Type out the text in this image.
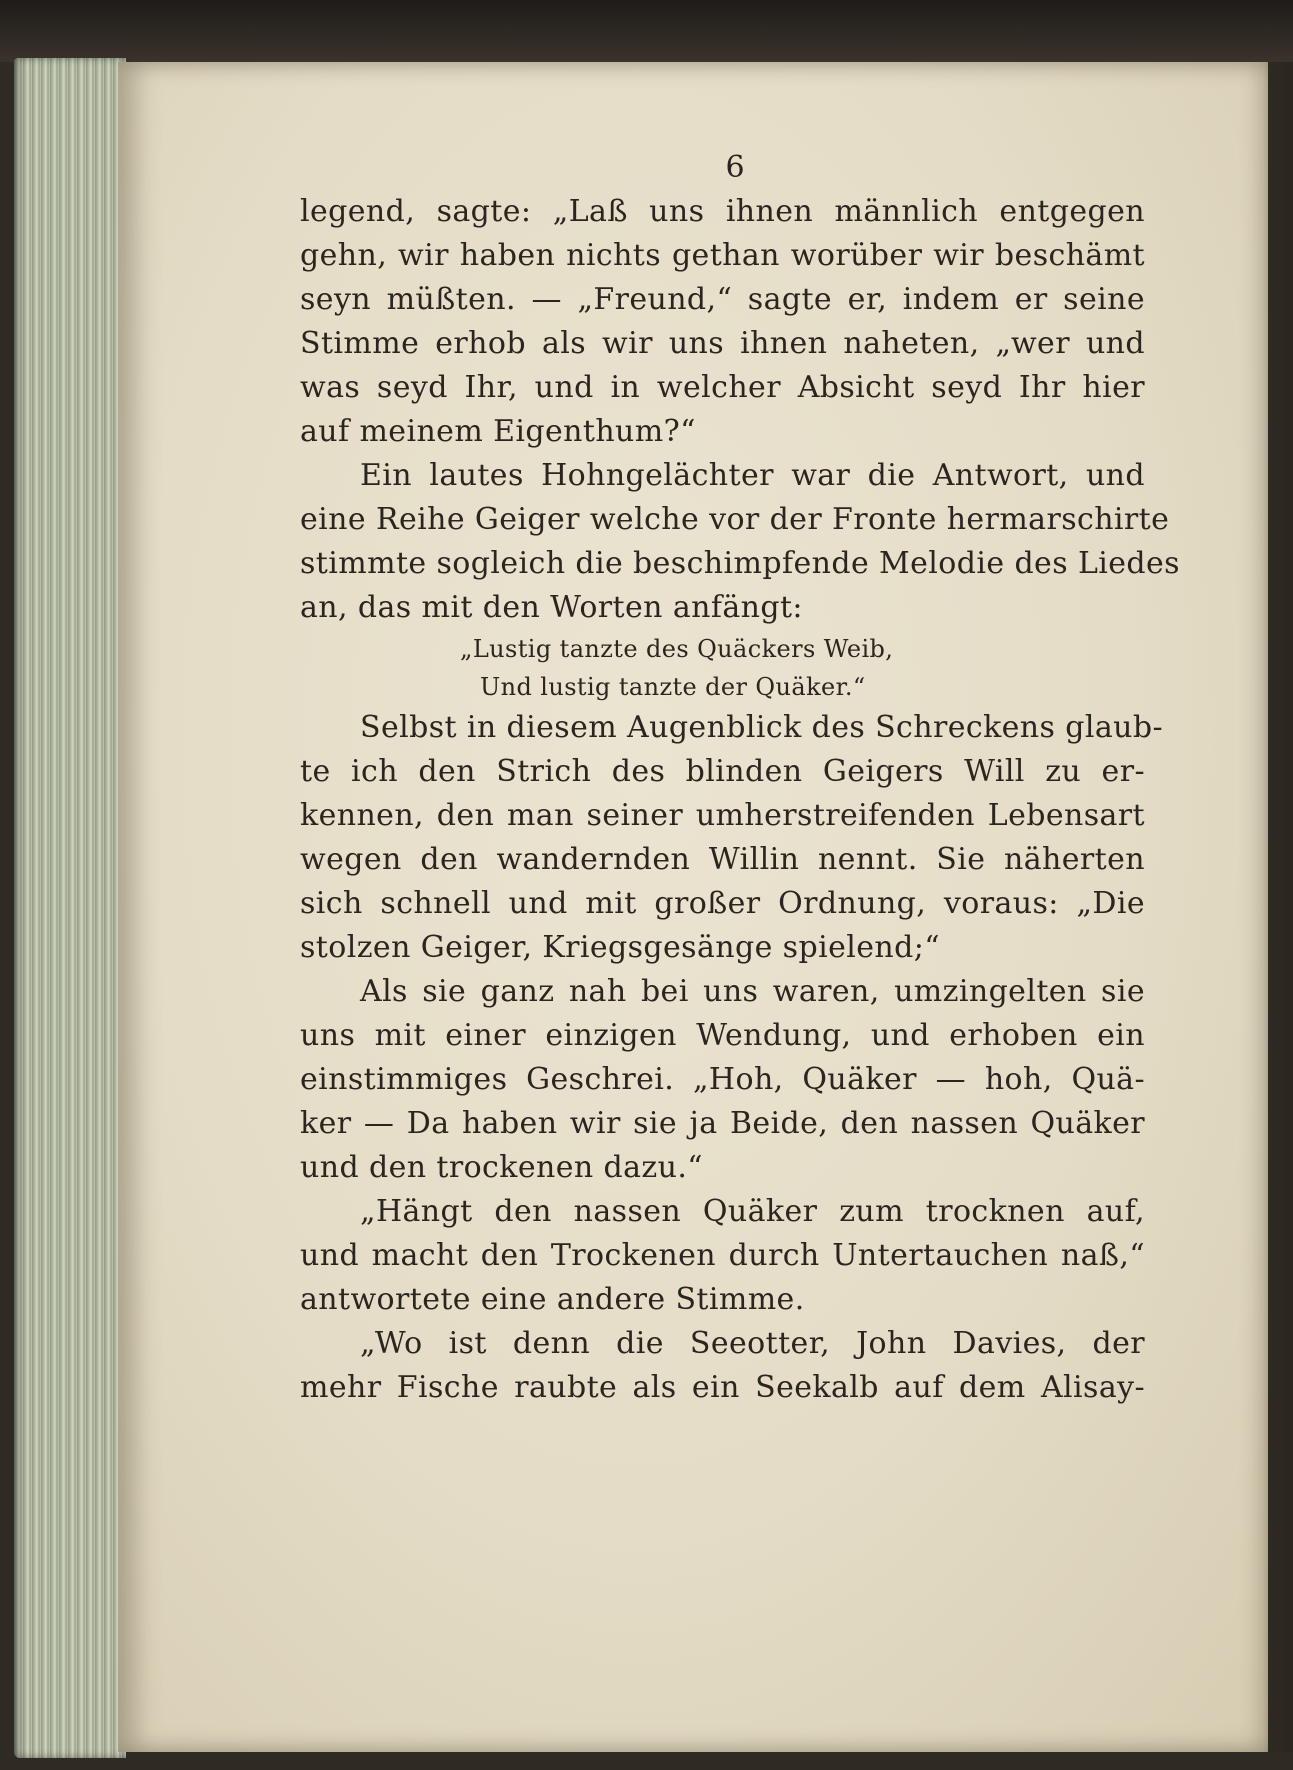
6
legend, sagte: „Laß uns ihnen männlich entgegen
gehn, wir haben nichts gethan worüber wir beschämt
seyn müßten. — „Freund,“ sagte er, indem er seine
Stimme erhob als wir uns ihnen naheten, „wer und
was seyd Ihr, und in welcher Absicht seyd Ihr hier
auf meinem Eigenthum?“
Ein lautes Hohngelächter war die Antwort, und
eine Reihe Geiger welche vor der Fronte hermarschirte
stimmte sogleich die beschimpfende Melodie des Liedes
an, das mit den Worten anfängt:
„Lustig tanzte des Quäckers Weib,
Und lustig tanzte der Quäker.“
Selbst in diesem Augenblick des Schreckens glaub-
te ich den Strich des blinden Geigers Will zu er-
kennen, den man seiner umherstreifenden Lebensart
wegen den wandernden Willin nennt. Sie näherten
sich schnell und mit großer Ordnung, voraus: „Die
stolzen Geiger, Kriegsgesänge spielend;“
Als sie ganz nah bei uns waren, umzingelten sie
uns mit einer einzigen Wendung, und erhoben ein
einstimmiges Geschrei. „Hoh, Quäker — hoh, Quä-
ker — Da haben wir sie ja Beide, den nassen Quäker
und den trockenen dazu.“
„Hängt den nassen Quäker zum trocknen auf,
und macht den Trockenen durch Untertauchen naß,“
antwortete eine andere Stimme.
„Wo ist denn die Seeotter, John Davies, der
mehr Fische raubte als ein Seekalb auf dem Alisay-
